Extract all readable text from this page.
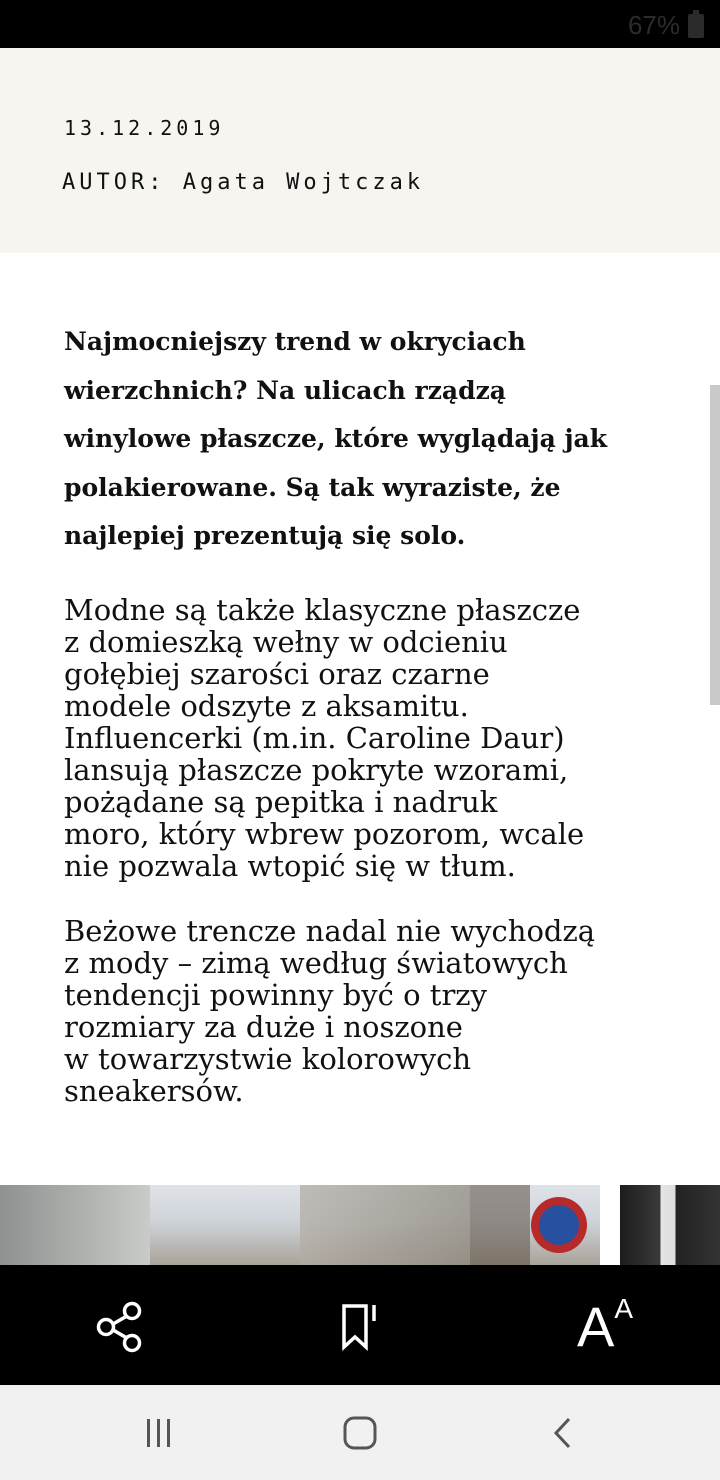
67%
13.12.2019
AUTOR: Agata Wojtczak
Najmocniejszy trend w okryciach
wierzchnich? Na ulicach rządzą
winylowe płaszcze, które wyglądają jak
polakierowane. Są tak wyraziste, że
najlepiej prezentują się solo.
Modne są także klasyczne płaszcze
z domieszką wełny w odcieniu
gołębiej szarości oraz czarne
modele odszyte z aksamitu.
Influencerki (m.in. Caroline Daur)
lansują płaszcze pokryte wzorami,
pożądane są pepitka i nadruk
moro, który wbrew pozorom, wcale
nie pozwala wtopić się w tłum.
Beżowe trencze nadal nie wychodzą
z mody – zimą według światowych
tendencji powinny być o trzy
rozmiary za duże i noszone
w towarzystwie kolorowych
sneakersów.
A A
